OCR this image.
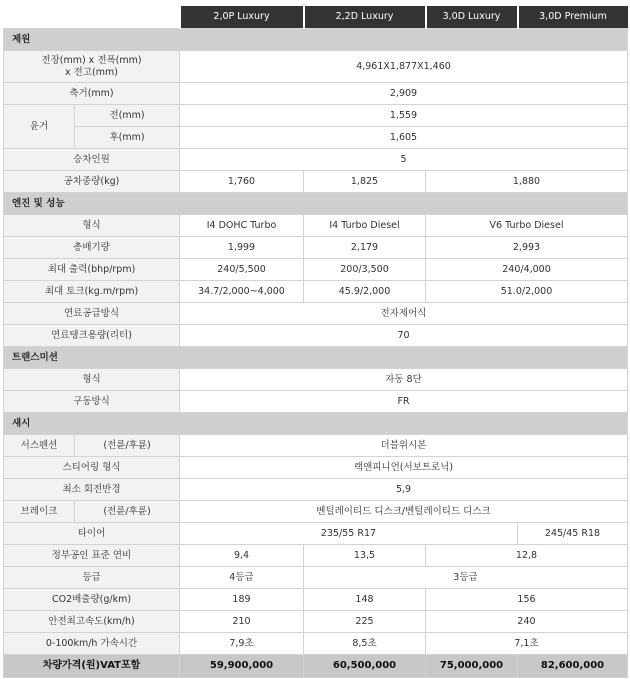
		2,0P Luxury	2,2D Luxury	3,0D Luxury	3,0D Premium
제원					
전장(mm) x 전폭(mm)
x 전고(mm)		4,961X1,877X1,460			
축거(mm)		2,909			
윤거	전(mm)	1,559			
	후(mm)	1,605			
승차인원		5			
공차중량(kg)		1,760	1,825	1,880	
엔진 및 성능					
형식		I4 DOHC Turbo	I4 Turbo Diesel	V6 Turbo Diesel	
총배기량		1,999	2,179	2,993	
최대 출력(bhp/rpm)		240/5,500	200/3,500	240/4,000	
최대 토크(kg.m/rpm)		34.7/2,000~4,000	45.9/2,000	51.0/2,000	
연료공급방식		전자제어식			
연료탱크용량(리터)		70			
트랜스미션					
형식		자동 8단			
구동방식		FR			
섀시					
서스펜션	(전륜/후륜)	더블위시본			
스티어링 형식		랙앤피니언(서보트로닉)			
최소 회전반경		5,9			
브레이크	(전륜/후륜)	벤틸레이티드 디스크/벤틸레이티드 디스크			
타이어		235/55 R17			245/45 R18
정부공인 표준 연비		9,4	13,5	12,8	
등급		4등급	3등급		
CO2배출량(g/km)		189	148	156	
안전최고속도(km/h)		210	225	240	
0-100km/h 가속시간		7,9초	8,5초	7,1초	
차량가격(원)VAT포함		59,900,000	60,500,000	75,000,000	82,600,000
